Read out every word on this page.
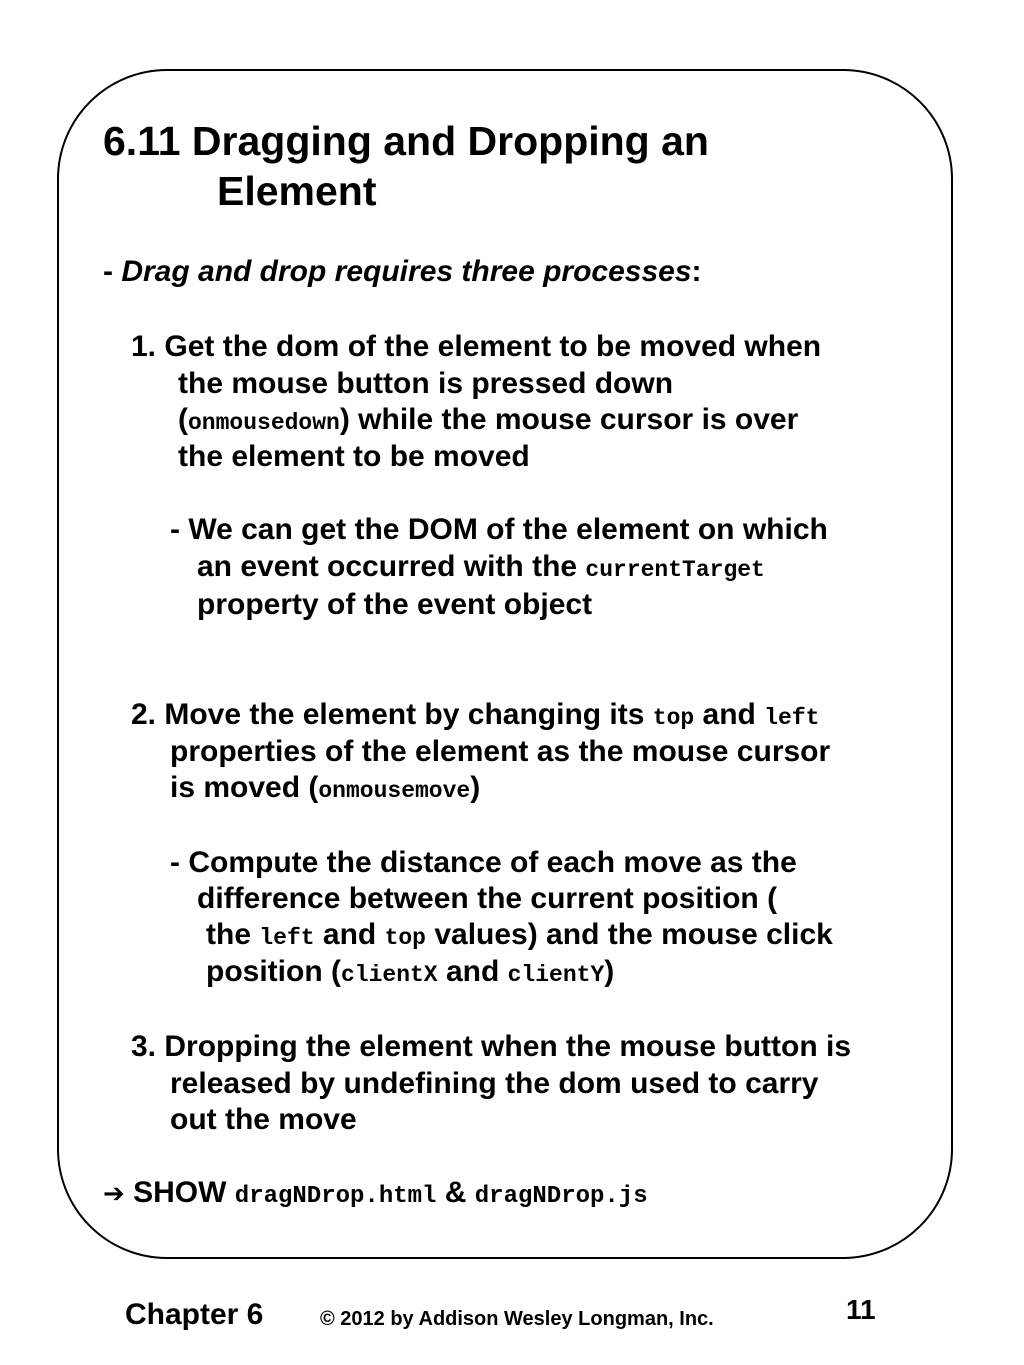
6.11 Dragging and Dropping an
Element
- Drag and drop requires three processes:
1. Get the dom of the element to be moved when
the mouse button is pressed down
(onmousedown) while the mouse cursor is over
the element to be moved
- We can get the DOM of the element on which
an event occurred with the currentTarget
property of the event object
2. Move the element by changing its top and left
properties of the element as the mouse cursor
is moved (onmousemove)
- Compute the distance of each move as the
difference between the current position (
the left and top values) and the mouse click
position (clientX and clientY)
3. Dropping the element when the mouse button is
released by undefining the dom used to carry
out the move
➔ SHOW dragNDrop.html & dragNDrop.js
Chapter 6	© 2012 by Addison Wesley Longman, Inc.	11
